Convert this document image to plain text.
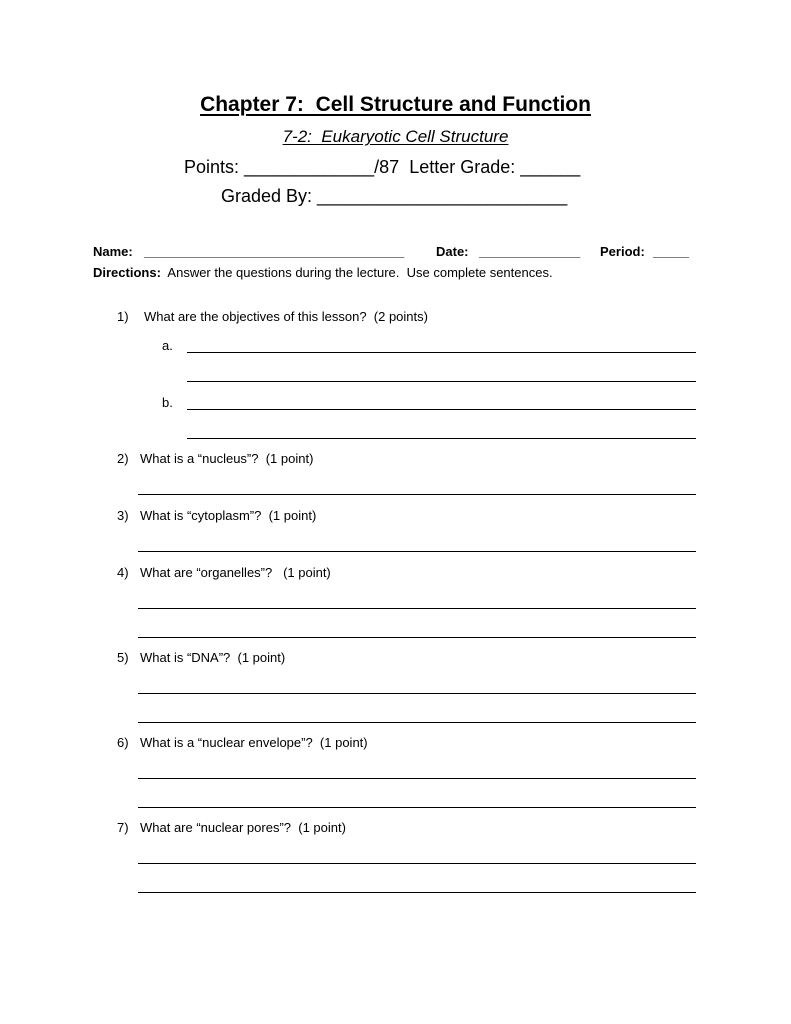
Chapter 7:  Cell Structure and Function
7-2:  Eukaryotic Cell Structure
Points: _____________/87  Letter Grade: ______
Graded By: _________________________
Name: ____________________________________ Date: ______________ Period: _____
Directions:  Answer the questions during the lecture.  Use complete sentences.
1) What are the objectives of this lesson?  (2 points)
a.
b.
2) What is a “nucleus”?  (1 point)
3) What is “cytoplasm”?  (1 point)
4) What are “organelles”?   (1 point)
5) What is “DNA”?  (1 point)
6) What is a “nuclear envelope”?  (1 point)
7) What are “nuclear pores”?  (1 point)
